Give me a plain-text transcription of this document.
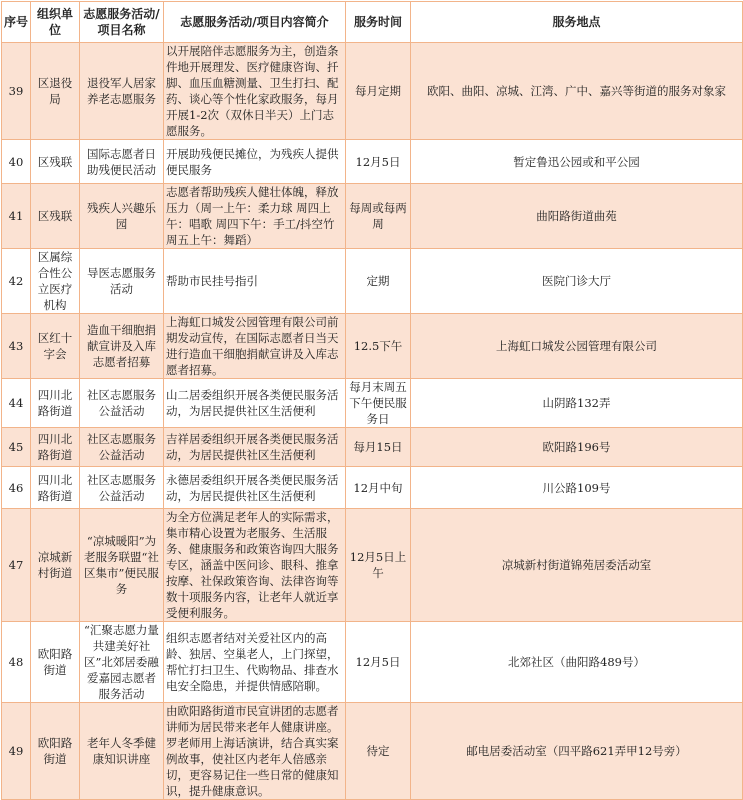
序号	组织单位	志愿服务活动/项目名称	志愿服务活动/项目内容简介	服务时间	服务地点
39	区退役局	退役军人居家养老志愿服务	以开展陪伴志愿服务为主，创造条件地开展理发、医疗健康咨询、扦脚、血压血糖测量、卫生打扫、配药、谈心等个性化家政服务，每月开展1-2次（双休日半天）上门志愿服务。	每月定期	欧阳、曲阳、凉城、江湾、广中、嘉兴等街道的服务对象家
40	区残联	国际志愿者日助残便民活动	开展助残便民摊位，为残疾人提供便民服务	12月5日	暂定鲁迅公园或和平公园
41	区残联	残疾人兴趣乐园	志愿者帮助残疾人健壮体魄，释放压力（周一上午：柔力球 周四上午：唱歌 周四下午：手工/抖空竹 周五上午：舞蹈）	每周或每两周	曲阳路街道曲苑
42	区属综合性公立医疗机构	导医志愿服务活动	帮助市民挂号指引	定期	医院门诊大厅
43	区红十字会	造血干细胞捐献宣讲及入库志愿者招募	上海虹口城发公园管理有限公司前期发动宣传，在国际志愿者日当天进行造血干细胞捐献宣讲及入库志愿者招募。	12.5下午	上海虹口城发公园管理有限公司
44	四川北路街道	社区志愿服务公益活动	山二居委组织开展各类便民服务活动，为居民提供社区生活便利	每月末周五下午便民服务日	山阴路132弄
45	四川北路街道	社区志愿服务公益活动	吉祥居委组织开展各类便民服务活动，为居民提供社区生活便利	每月15日	欧阳路196号
46	四川北路街道	社区志愿服务公益活动	永德居委组织开展各类便民服务活动，为居民提供社区生活便利	12月中旬	川公路109号
47	凉城新村街道	“凉城暖阳”为老服务联盟“社区集市”便民服务	为全方位满足老年人的实际需求，集市精心设置为老服务、生活服务、健康服务和政策咨询四大服务专区，涵盖中医问诊、眼科、推拿按摩、社保政策咨询、法律咨询等数十项服务内容，让老年人就近享受便利服务。	12月5日上午	凉城新村街道锦苑居委活动室
48	欧阳路街道	“汇聚志愿力量 共建美好社区”北郊居委融爱嘉园志愿者服务活动	组织志愿者结对关爱社区内的高龄、独居、空巢老人，上门探望，帮忙打扫卫生、代购物品、排查水电安全隐患，并提供情感陪聊。	12月5日	北郊社区（曲阳路489号）
49	欧阳路街道	老年人冬季健康知识讲座	由欧阳路街道市民宣讲团的志愿者讲师为居民带来老年人健康讲座。罗老师用上海话演讲，结合真实案例故事，使社区内老年人倍感亲切，更容易记住一些日常的健康知识，提升健康意识。	待定	邮电居委活动室（四平路621弄甲12号旁）
